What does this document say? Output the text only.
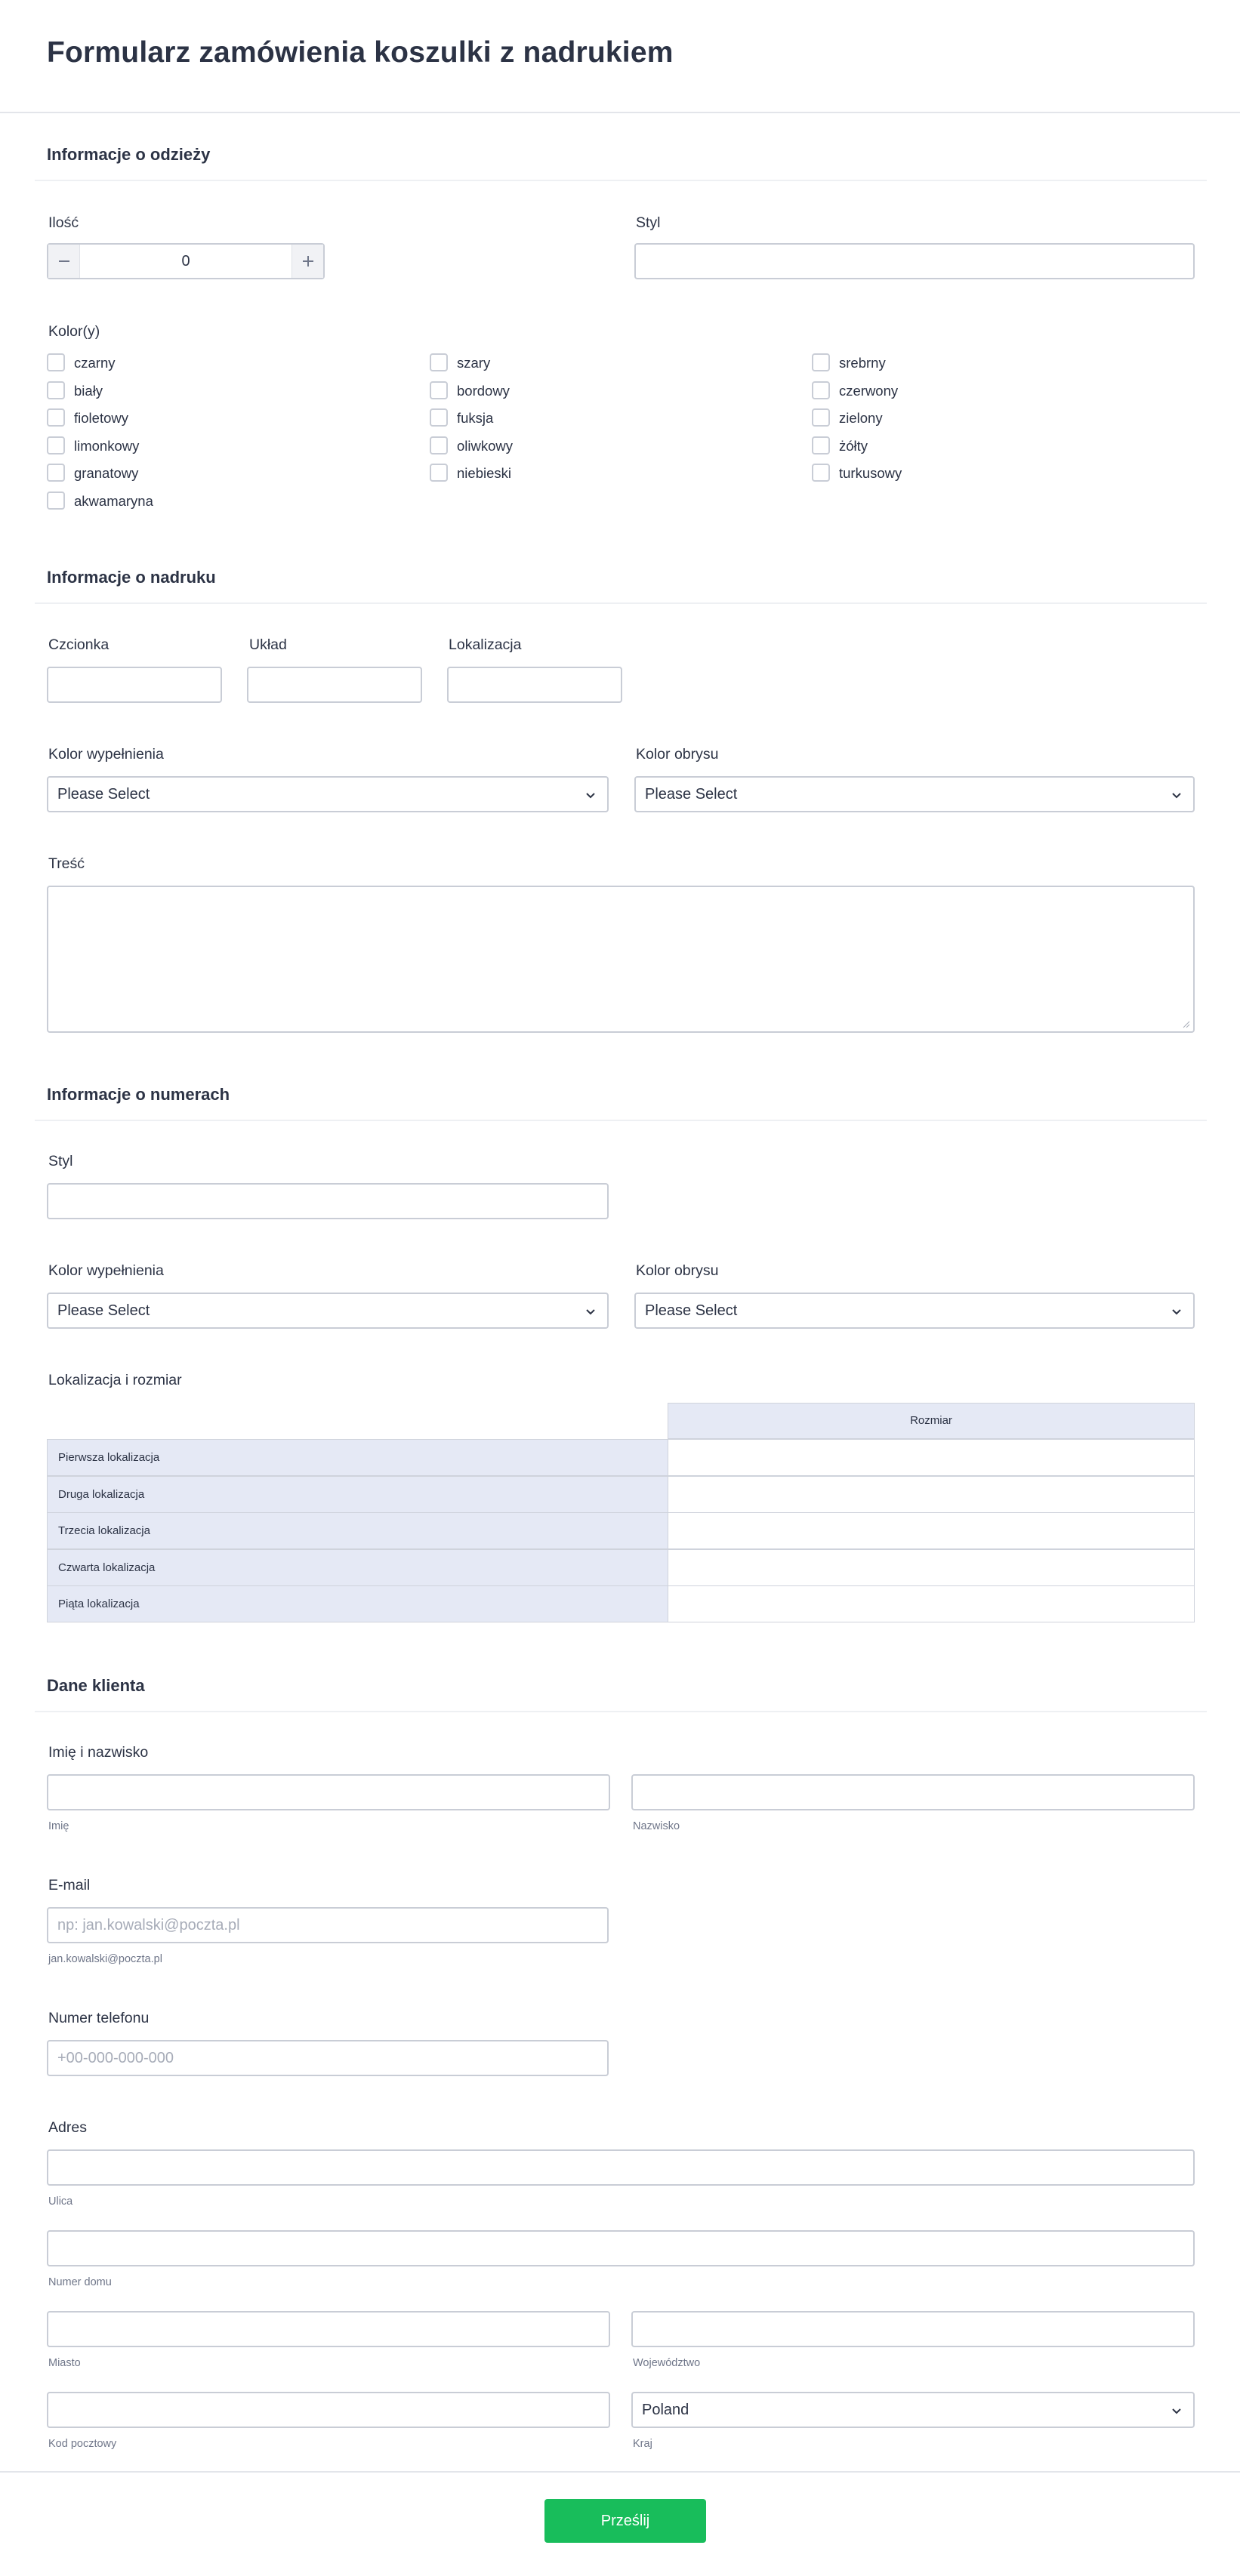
Formularz zamówienia koszulki z nadrukiem
Informacje o odzieży
Ilość
0
Styl
Kolor(y)
czarny	szary	srebrny
biały	bordowy	czerwony
fioletowy	fuksja	zielony
limonkowy	oliwkowy	żółty
granatowy	niebieski	turkusowy
akwamaryna
Informacje o nadruku
Czcionka	Układ	Lokalizacja
Kolor wypełnienia
Please Select
Kolor obrysu
Please Select
Treść
Informacje o numerach
Styl
Kolor wypełnienia
Please Select
Kolor obrysu
Please Select
Lokalizacja i rozmiar
Rozmiar
Pierwsza lokalizacja
Druga lokalizacja
Trzecia lokalizacja
Czwarta lokalizacja
Piąta lokalizacja
Dane klienta
Imię i nazwisko
Imię	Nazwisko
E-mail
np: jan.kowalski@poczta.pl
jan.kowalski@poczta.pl
Numer telefonu
+00-000-000-000
Adres
Ulica
Numer domu
Miasto	Województwo
Kod pocztowy
Poland
Kraj
Prześlij
